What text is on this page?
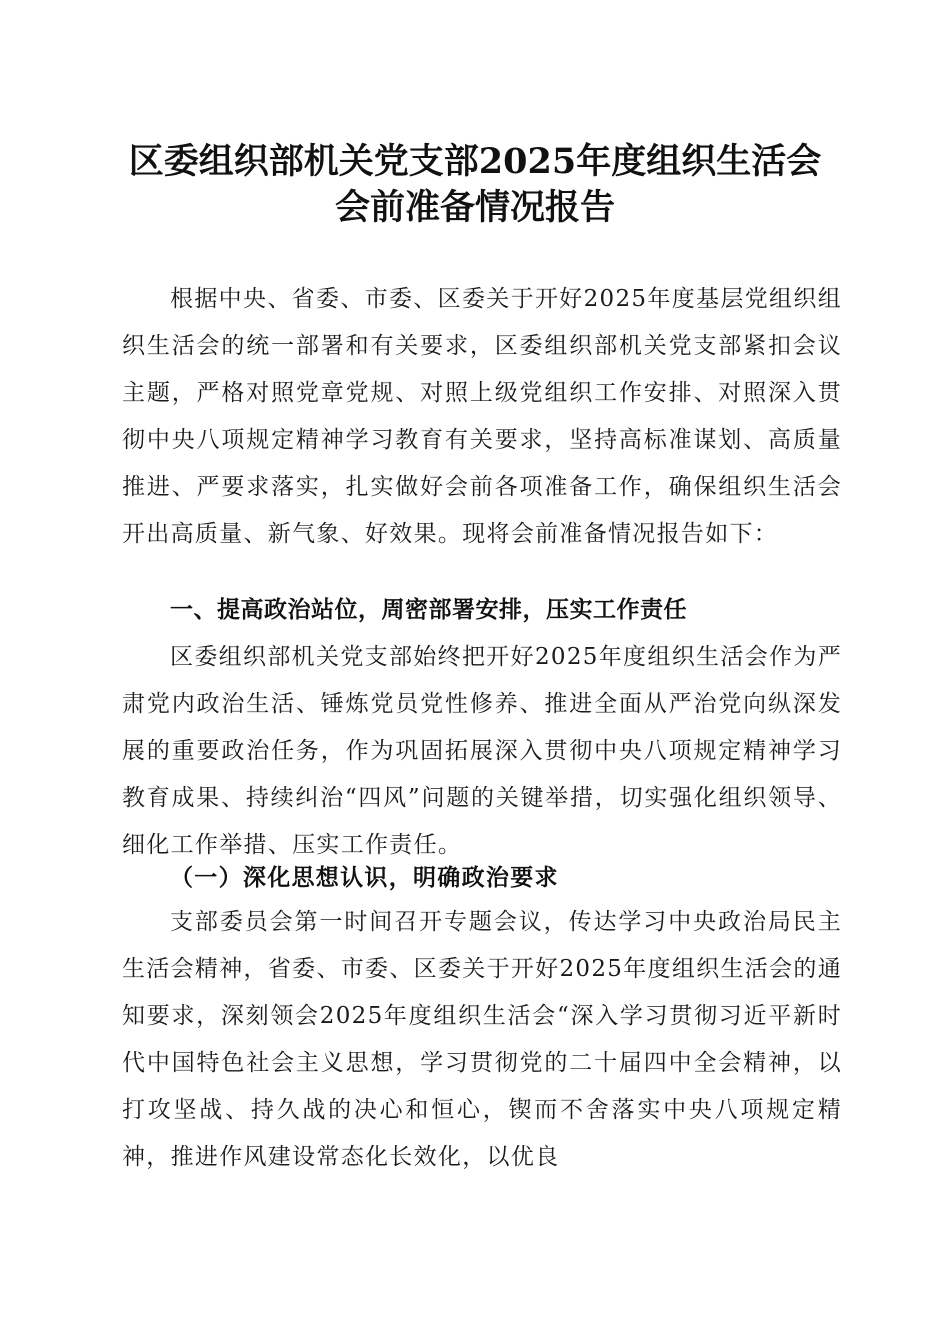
区委组织部机关党支部2025年度组织生活会
会前准备情况报告

根据中央、省委、市委、区委关于开好2025年度基层党组织组织生活会的统一部署和有关要求，区委组织部机关党支部紧扣会议主题，严格对照党章党规、对照上级党组织工作安排、对照深入贯彻中央八项规定精神学习教育有关要求，坚持高标准谋划、高质量推进、严要求落实，扎实做好会前各项准备工作，确保组织生活会开出高质量、新气象、好效果。现将会前准备情况报告如下：

一、提高政治站位，周密部署安排，压实工作责任

区委组织部机关党支部始终把开好2025年度组织生活会作为严肃党内政治生活、锤炼党员党性修养、推进全面从严治党向纵深发展的重要政治任务，作为巩固拓展深入贯彻中央八项规定精神学习教育成果、持续纠治“四风”问题的关键举措，切实强化组织领导、细化工作举措、压实工作责任。

（一）深化思想认识，明确政治要求

支部委员会第一时间召开专题会议，传达学习中央政治局民主生活会精神，省委、市委、区委关于开好2025年度组织生活会的通知要求，深刻领会2025年度组织生活会“深入学习贯彻习近平新时代中国特色社会主义思想，学习贯彻党的二十届四中全会精神，以打攻坚战、持久战的决心和恒心，锲而不舍落实中央八项规定精神，推进作风建设常态化长效化，以优良
